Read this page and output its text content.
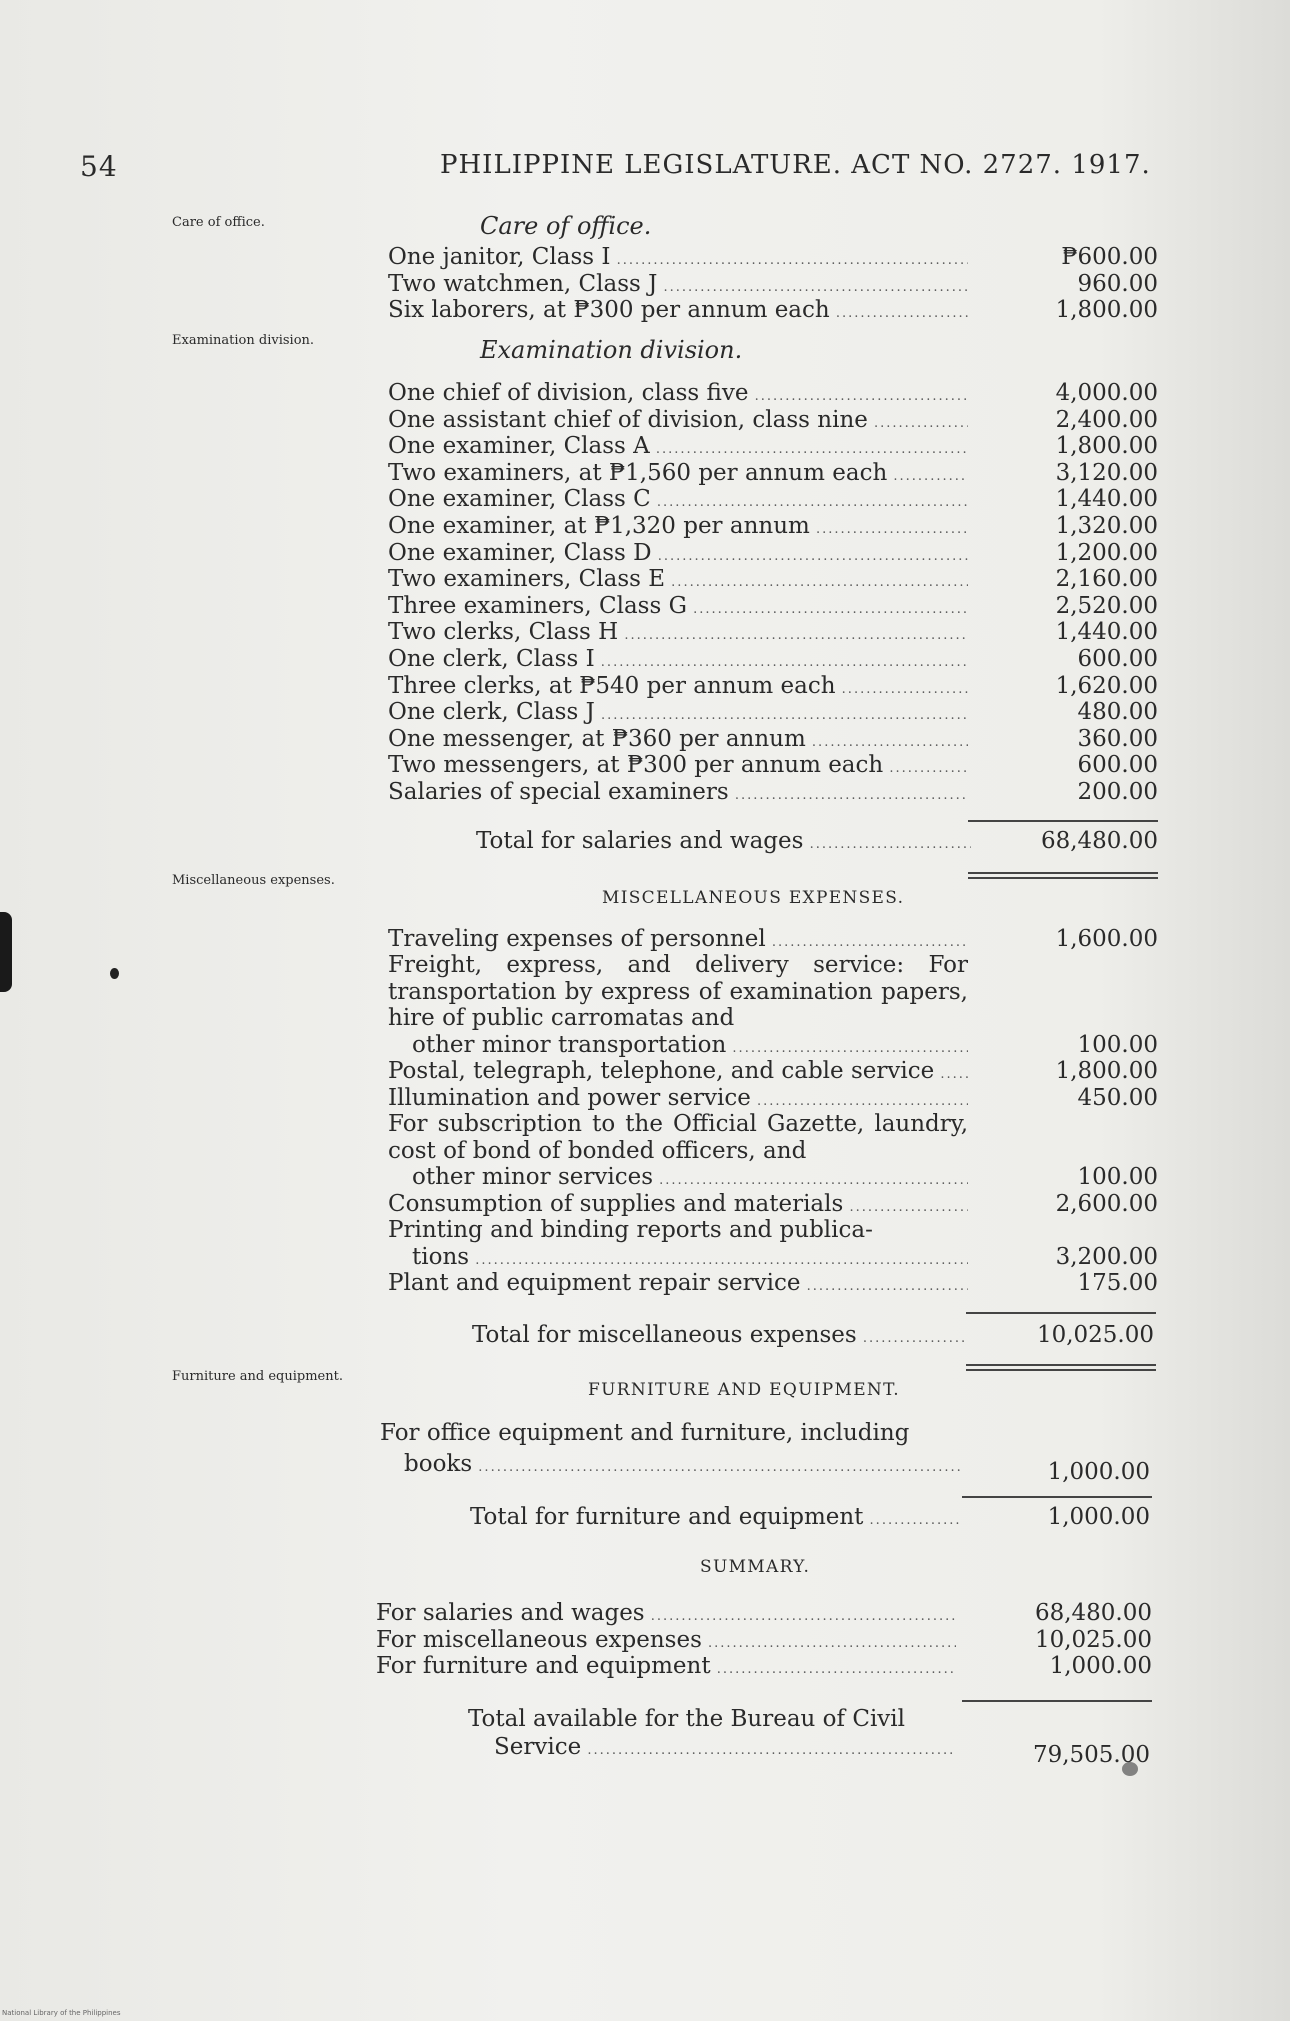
54	PHILIPPINE LEGISLATURE. ACT NO. 2727. 1917.
Care of office.
Examination division.
Miscellaneous expenses.
Furniture and equipment.
Care of office.
One janitor, Class I .....	₱600.00
Two watchmen, Class J .....	960.00
Six laborers, at ₱300 per annum each .....	1,800.00
Examination division.
One chief of division, class five .....	4,000.00
One assistant chief of division, class nine .....	2,400.00
One examiner, Class A .....	1,800.00
Two examiners, at ₱1,560 per annum each .....	3,120.00
One examiner, Class C .....	1,440.00
One examiner, at ₱1,320 per annum .....	1,320.00
One examiner, Class D .....	1,200.00
Two examiners, Class E .....	2,160.00
Three examiners, Class G .....	2,520.00
Two clerks, Class H .....	1,440.00
One clerk, Class I .....	600.00
Three clerks, at ₱540 per annum each .....	1,620.00
One clerk, Class J .....	480.00
One messenger, at ₱360 per annum .....	360.00
Two messengers, at ₱300 per annum each .....	600.00
Salaries of special examiners .....	200.00
Total for salaries and wages .....	68,480.00
MISCELLANEOUS EXPENSES.
Traveling expenses of personnel .....	1,600.00
Freight, express, and delivery service: For transportation by express of examination papers, hire of public carromatas and
other minor transportation .....	100.00
Postal, telegraph, telephone, and cable service .....	1,800.00
Illumination and power service .....	450.00
For subscription to the Official Gazette, laundry, cost of bond of bonded officers, and
other minor services .....	100.00
Consumption of supplies and materials .....	2,600.00
Printing and binding reports and publica-
tions .....	3,200.00
Plant and equipment repair service .....	175.00
Total for miscellaneous expenses .....	10,025.00
FURNITURE AND EQUIPMENT.
For office equipment and furniture, including
books .....	1,000.00
Total for furniture and equipment .....	1,000.00
SUMMARY.
For salaries and wages .....	68,480.00
For miscellaneous expenses .....	10,025.00
For furniture and equipment .....	1,000.00
Total available for the Bureau of Civil
Service .....	79,505.00
National Library of the Philippines
